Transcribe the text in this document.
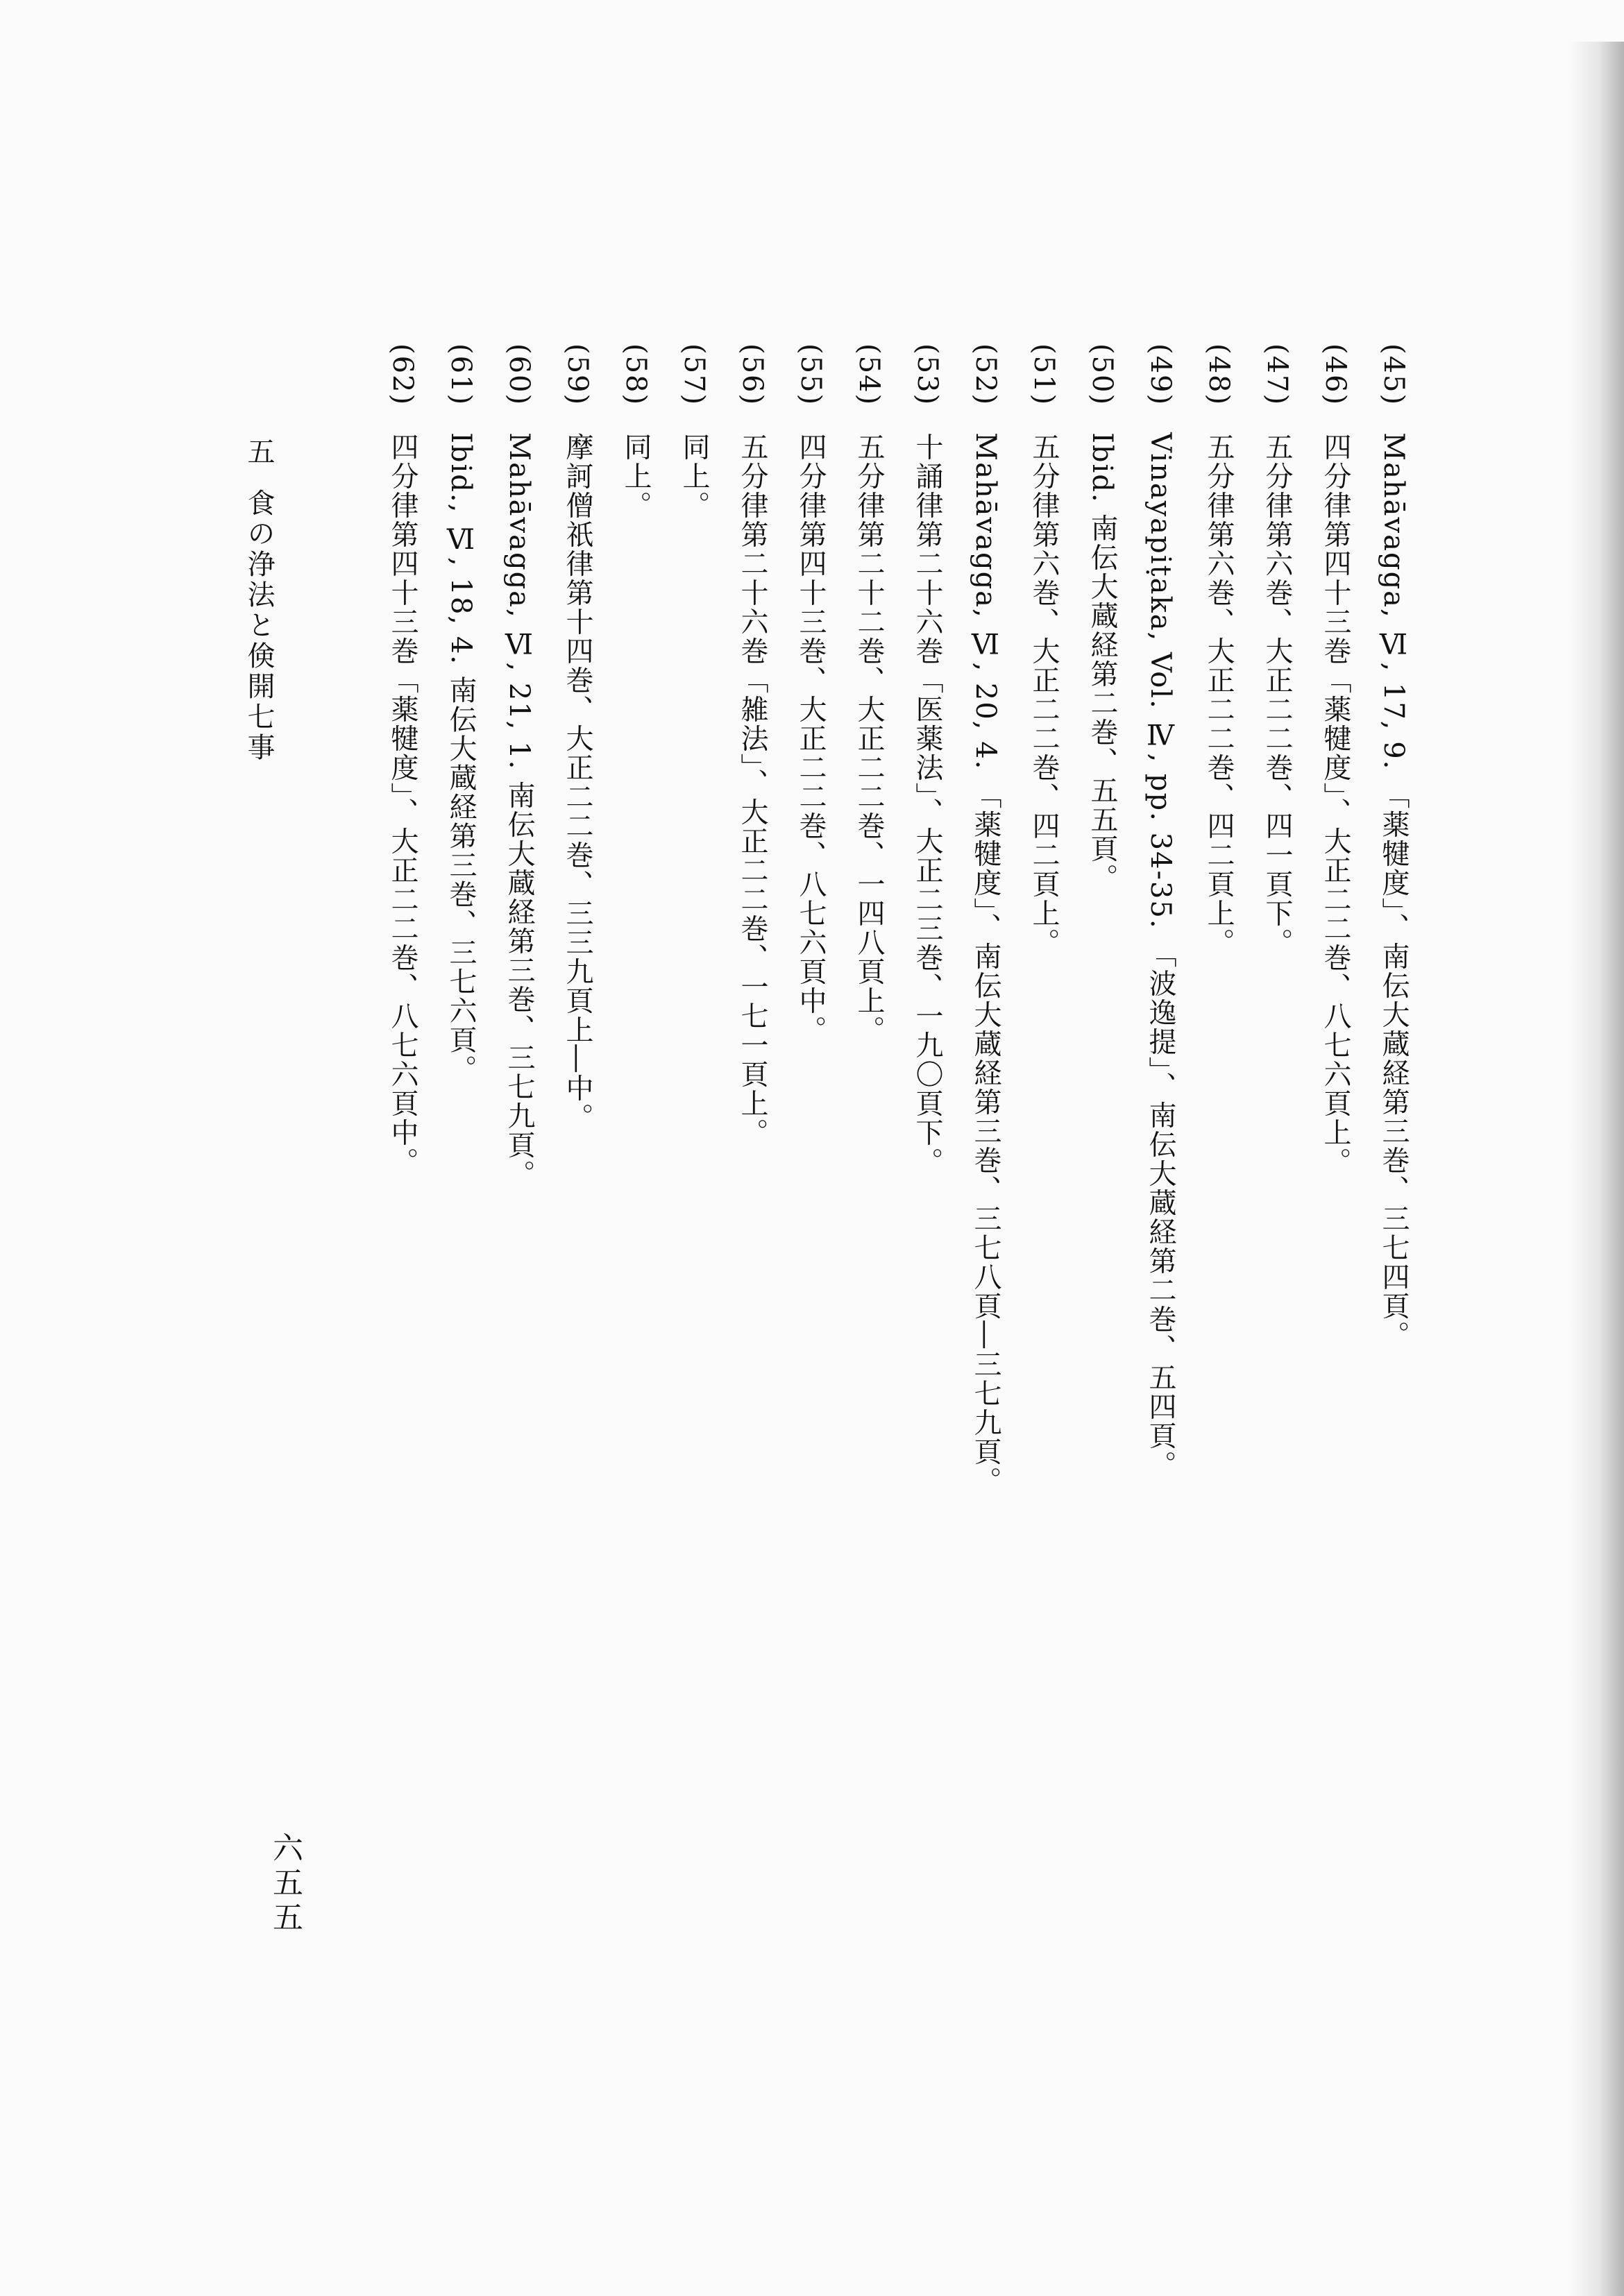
(45)Mahāvagga, Ⅵ, 17, 9. 「薬犍度」、南伝大蔵経第三巻、三七四頁。
(46)四分律第四十三巻「薬犍度」、大正二二巻、八七六頁上。
(47)五分律第六巻、大正二二巻、四一頁下。
(48)五分律第六巻、大正二二巻、四二頁上。
(49)Vinayapiṭaka, Vol. Ⅳ, pp. 34-35. 「波逸提」、南伝大蔵経第二巻、五四頁。
(50)Ibid. 南伝大蔵経第二巻、五五頁。
(51)五分律第六巻、大正二二巻、四二頁上。
(52)Mahāvagga, Ⅵ, 20, 4. 「薬犍度」、南伝大蔵経第三巻、三七八頁―三七九頁。
(53)十誦律第二十六巻「医薬法」、大正二三巻、一九〇頁下。
(54)五分律第二十二巻、大正二二巻、一四八頁上。
(55)四分律第四十三巻、大正二二巻、八七六頁中。
(56)五分律第二十六巻「雑法」、大正二二巻、一七一頁上。
(57)同上。
(58)同上。
(59)摩訶僧祇律第十四巻、大正二二巻、三三九頁上―中。
(60)Mahāvagga, Ⅵ, 21, 1. 南伝大蔵経第三巻、三七九頁。
(61)Ibid., Ⅵ, 18, 4. 南伝大蔵経第三巻、三七六頁。
(62)四分律第四十三巻「薬犍度」、大正二二巻、八七六頁中。
五食の浄法と倹開七事
六五五
